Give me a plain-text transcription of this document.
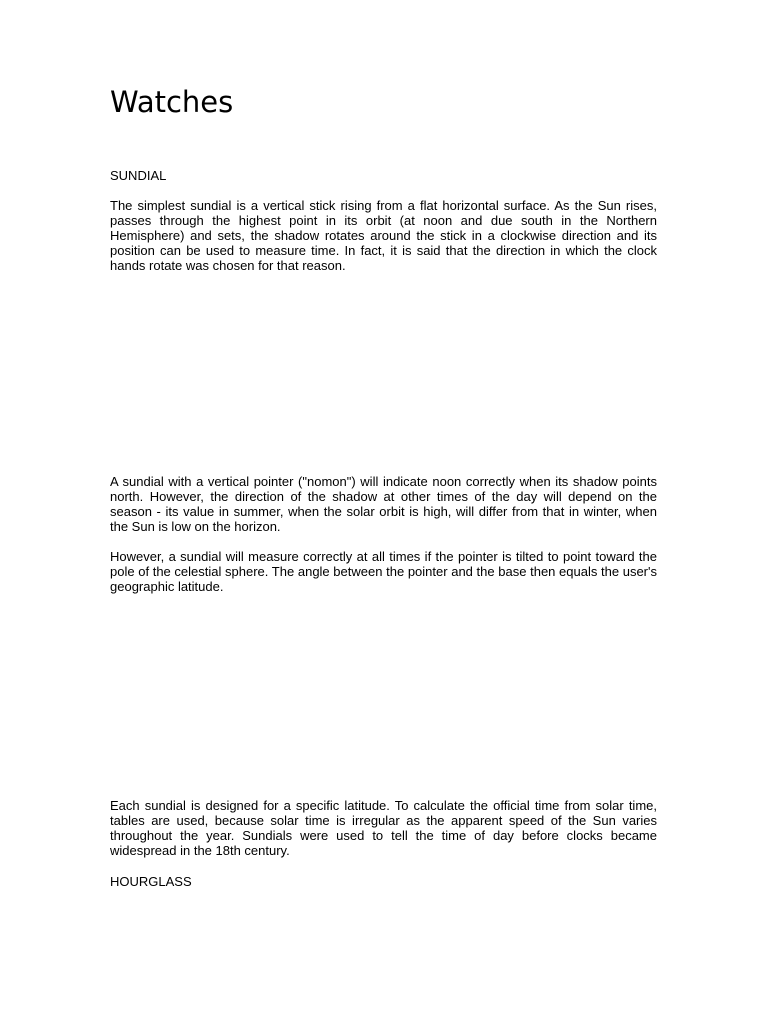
Watches

SUNDIAL

The simplest sundial is a vertical stick rising from a flat horizontal surface. As the Sun rises, passes through the highest point in its orbit (at noon and due south in the Northern Hemisphere) and sets, the shadow rotates around the stick in a clockwise direction and its position can be used to measure time. In fact, it is said that the direction in which the clock hands rotate was chosen for that reason.

A sundial with a vertical pointer ("nomon") will indicate noon correctly when its shadow points north. However, the direction of the shadow at other times of the day will depend on the season - its value in summer, when the solar orbit is high, will differ from that in winter, when the Sun is low on the horizon.

However, a sundial will measure correctly at all times if the pointer is tilted to point toward the pole of the celestial sphere. The angle between the pointer and the base then equals the user's geographic latitude.

Each sundial is designed for a specific latitude. To calculate the official time from solar time, tables are used, because solar time is irregular as the apparent speed of the Sun varies throughout the year. Sundials were used to tell the time of day before clocks became widespread in the 18th century.

HOURGLASS
